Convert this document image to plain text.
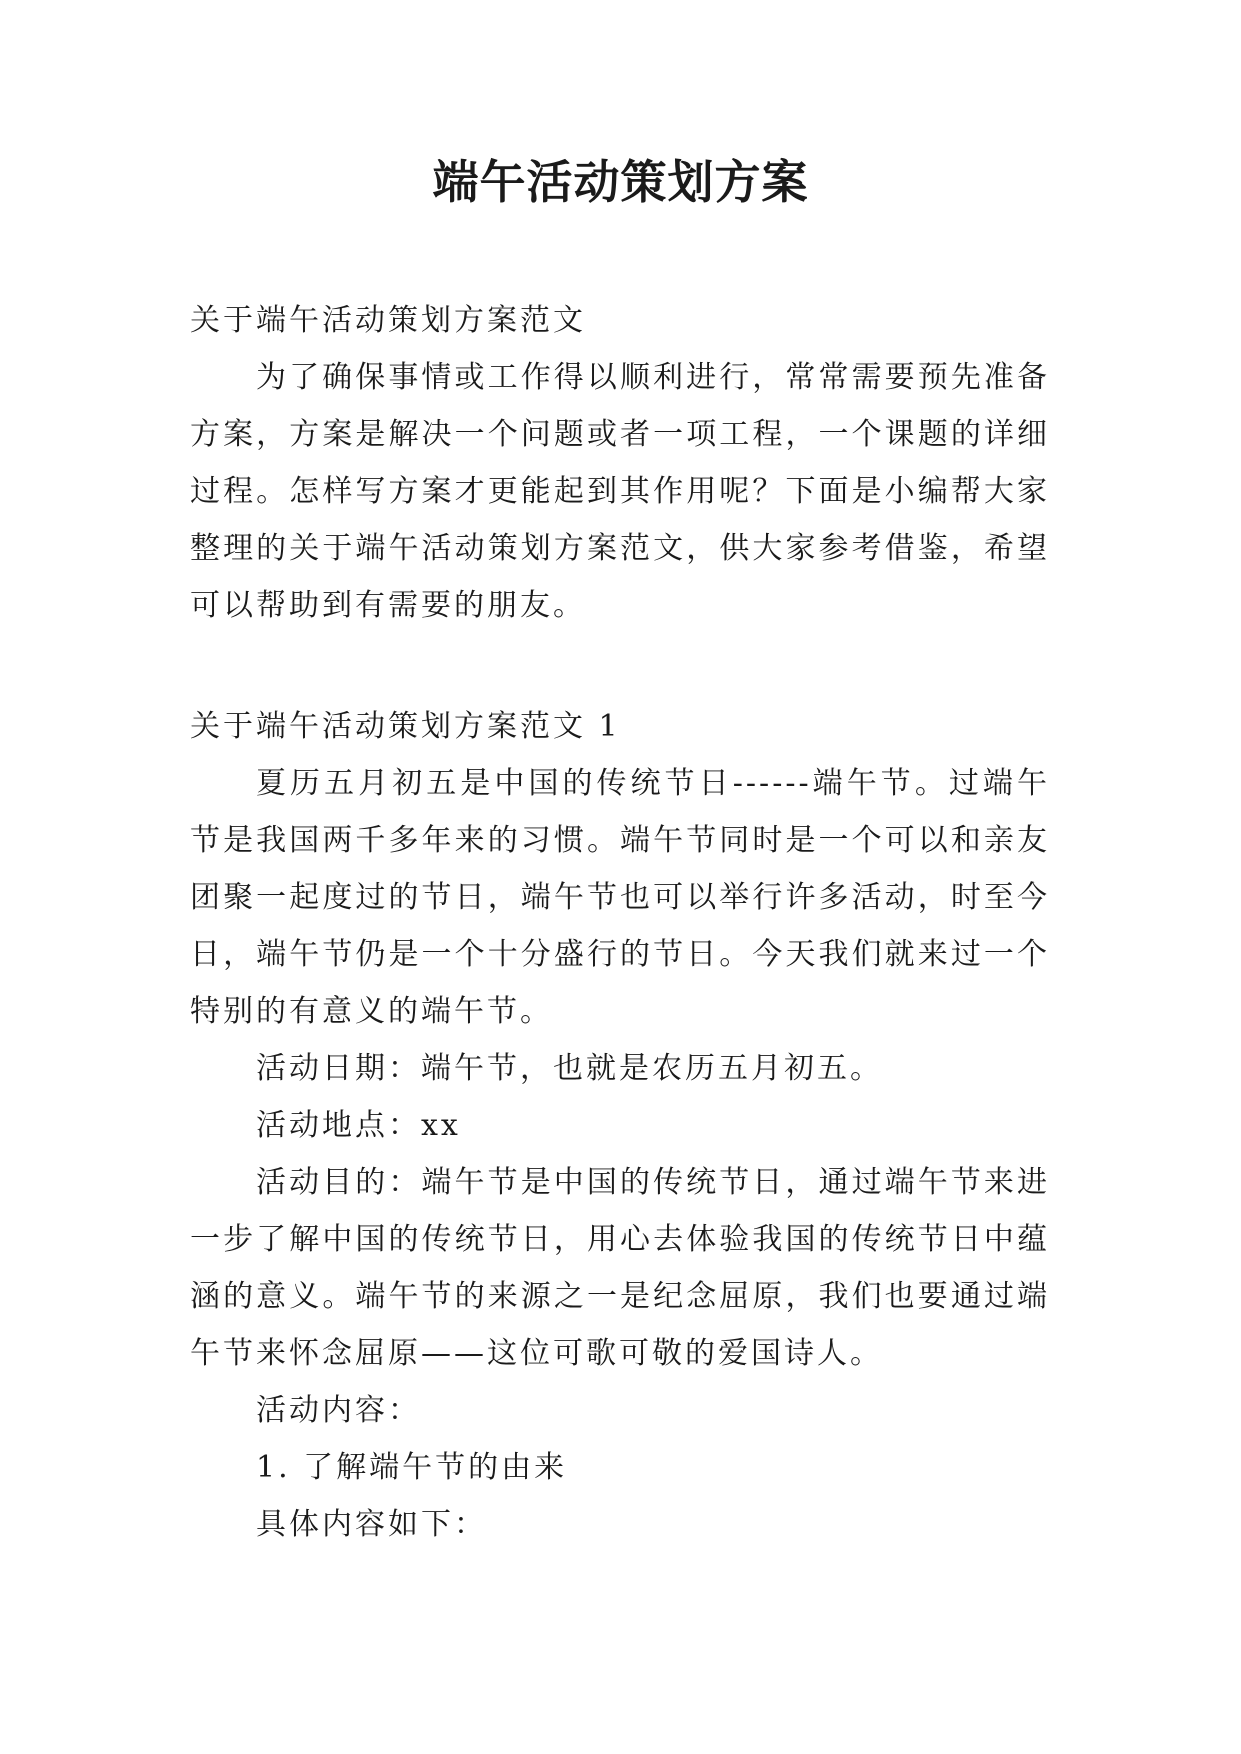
端午活动策划方案

关于端午活动策划方案范文

为了确保事情或工作得以顺利进行，常常需要预先准备方案，方案是解决一个问题或者一项工程，一个课题的详细过程。怎样写方案才更能起到其作用呢？下面是小编帮大家整理的关于端午活动策划方案范文，供大家参考借鉴，希望可以帮助到有需要的朋友。

关于端午活动策划方案范文 1

夏历五月初五是中国的传统节日------端午节。过端午节是我国两千多年来的习惯。端午节同时是一个可以和亲友团聚一起度过的节日，端午节也可以举行许多活动，时至今日，端午节仍是一个十分盛行的节日。今天我们就来过一个特别的有意义的端午节。

活动日期：端午节，也就是农历五月初五。

活动地点：xx

活动目的：端午节是中国的传统节日，通过端午节来进一步了解中国的传统节日，用心去体验我国的传统节日中蕴涵的意义。端午节的来源之一是纪念屈原，我们也要通过端午节来怀念屈原——这位可歌可敬的爱国诗人。

活动内容：

1. 了解端午节的由来

具体内容如下：
